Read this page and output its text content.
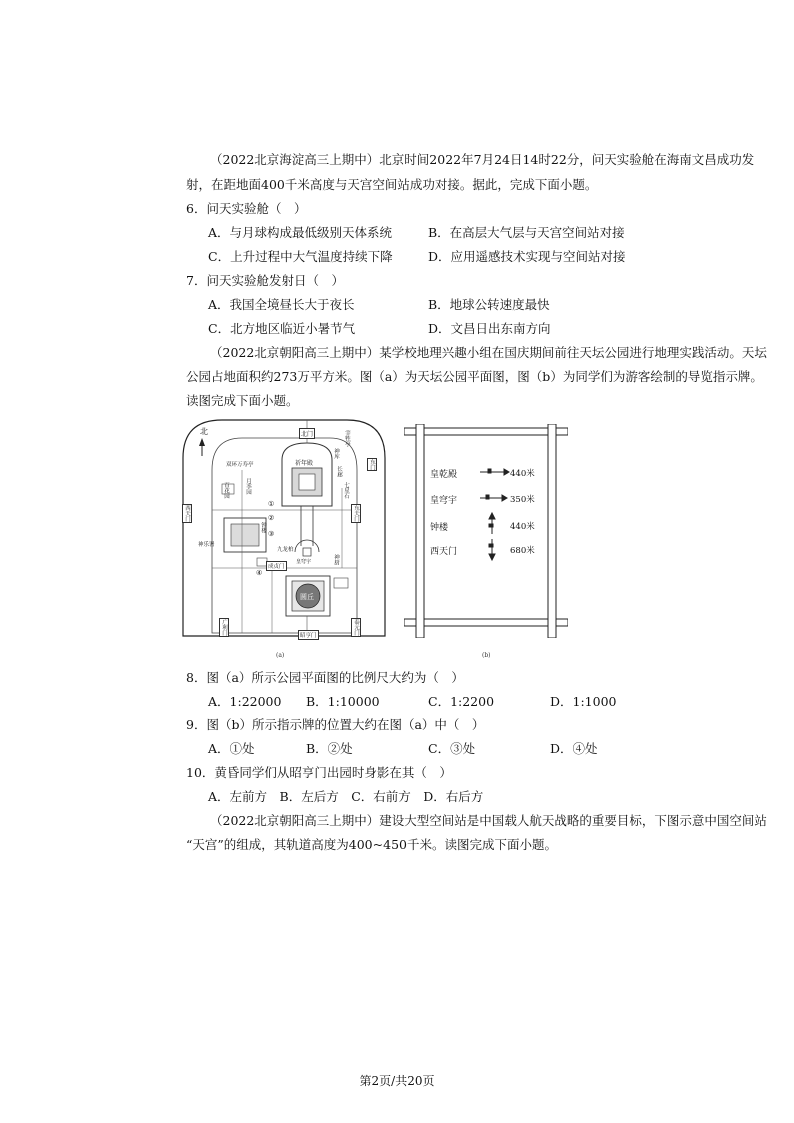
（2022北京海淀高三上期中）北京时间2022年7月24日14时22分，问天实验舱在海南文昌成功发
射，在距地面400千米高度与天宫空间站成功对接。据此，完成下面小题。
6．问天实验舱（　）
A．与月球构成最低级别天体系统	B．在高层大气层与天宫空间站对接
C．上升过程中大气温度持续下降	D．应用遥感技术实现与空间站对接
7．问天实验舱发射日（　）
A．我国全境昼长大于夜长	B．地球公转速度最快
C．北方地区临近小暑节气	D．文昌日出东南方向
（2022北京朝阳高三上期中）某学校地理兴趣小组在国庆期间前往天坛公园进行地理实践活动。天坛
公园占地面积约273万平方米。图（a）为天坛公园平面图，图（b）为同学们为游客绘制的导览指示牌。
读图完成下面小题。
北	北门	宰牲亭
神库
祈年殿
长廊
七星石
东门
双环万寿亭
月季园
百花园
西天门
钟楼
神乐署
九龙柏
皇穹宇	神厨
圆丘
成贞门
广利门
昭亨门
泰元门
东天门
①
②
③
④
(a)
皇乾殿	440米
皇穹宇	350米
钟楼	440米
西天门	680米
(b)
8．图（a）所示公园平面图的比例尺大约为（　）
A．1:22000 B．1:10000	C．1:2200	D．1:1000
9．图（b）所示指示牌的位置大约在图（a）中（　）
A．①处	B．②处	C．③处	D．④处
10．黄昏同学们从昭亨门出园时身影在其（　）
A．左前方　B．左后方　C．右前方　D．右后方
（2022北京朝阳高三上期中）建设大型空间站是中国载人航天战略的重要目标，下图示意中国空间站
“天宫”的组成，其轨道高度为400~450千米。读图完成下面小题。
第2页/共20页
